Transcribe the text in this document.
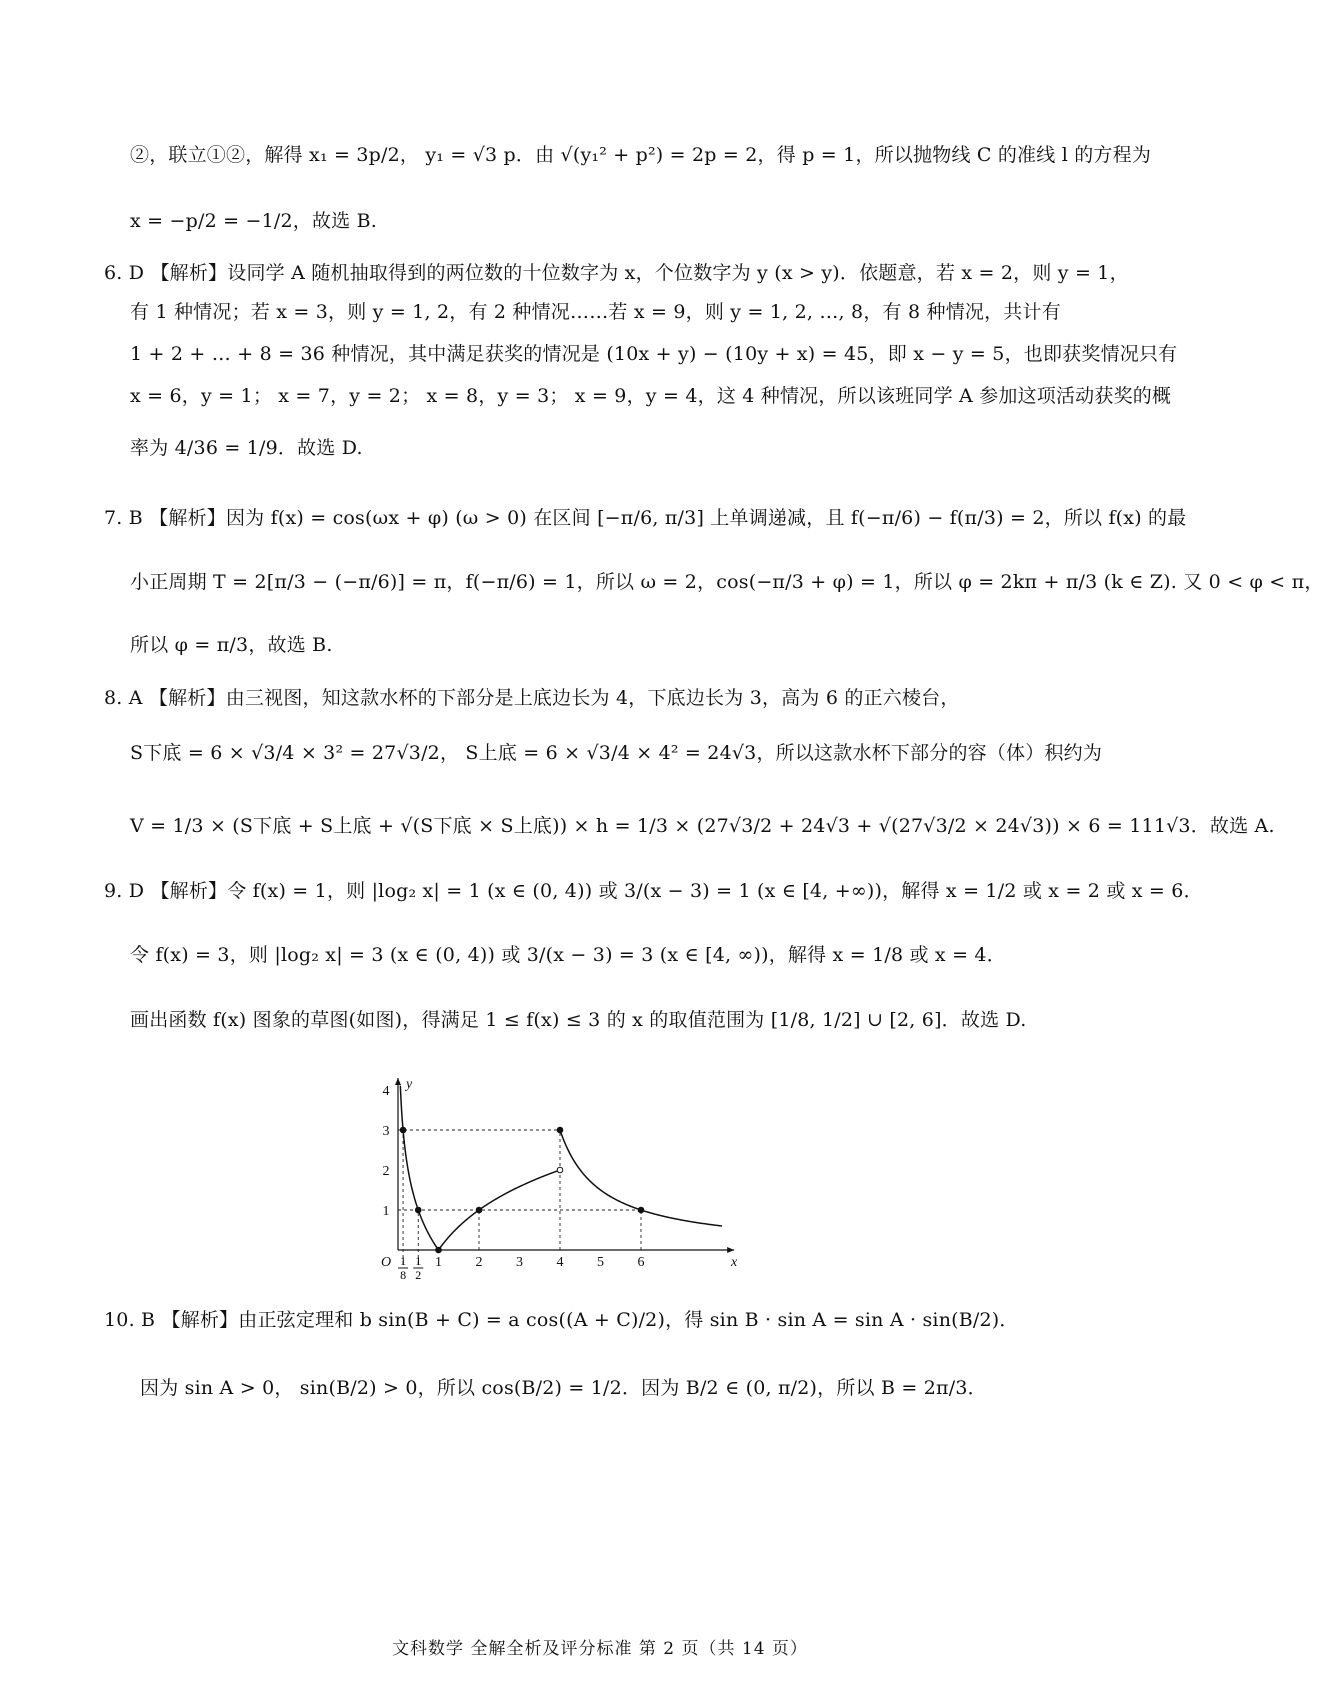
②，联立①②，解得 x₁ = 3p/2， y₁ = √3 p．由 √(y₁² + p²) = 2p = 2，得 p = 1，所以抛物线 C 的准线 l 的方程为
x = −p/2 = −1/2，故选 B.
6. D 【解析】设同学 A 随机抽取得到的两位数的十位数字为 x，个位数字为 y (x > y)．依题意，若 x = 2，则 y = 1，
有 1 种情况；若 x = 3，则 y = 1, 2，有 2 种情况……若 x = 9，则 y = 1, 2, …, 8，有 8 种情况，共计有
1 + 2 + … + 8 = 36 种情况，其中满足获奖的情况是 (10x + y) − (10y + x) = 45，即 x − y = 5，也即获奖情况只有
x = 6，y = 1； x = 7，y = 2； x = 8，y = 3； x = 9，y = 4，这 4 种情况，所以该班同学 A 参加这项活动获奖的概
率为 4/36 = 1/9．故选 D.
7. B 【解析】因为 f(x) = cos(ωx + φ) (ω > 0) 在区间 [−π/6, π/3] 上单调递减，且 f(−π/6) − f(π/3) = 2，所以 f(x) 的最
小正周期 T = 2[π/3 − (−π/6)] = π，f(−π/6) = 1，所以 ω = 2，cos(−π/3 + φ) = 1，所以 φ = 2kπ + π/3 (k ∈ Z). 又 0 < φ < π，
所以 φ = π/3，故选 B.
8. A 【解析】由三视图，知这款水杯的下部分是上底边长为 4，下底边长为 3，高为 6 的正六棱台，
S下底 = 6 × √3/4 × 3² = 27√3/2， S上底 = 6 × √3/4 × 4² = 24√3，所以这款水杯下部分的容（体）积约为
V = 1/3 × (S下底 + S上底 + √(S下底 × S上底)) × h = 1/3 × (27√3/2 + 24√3 + √(27√3/2 × 24√3)) × 6 = 111√3．故选 A.
9. D 【解析】令 f(x) = 1，则 |log₂ x| = 1 (x ∈ (0, 4)) 或 3/(x − 3) = 1 (x ∈ [4, +∞))，解得 x = 1/2 或 x = 2 或 x = 6．
令 f(x) = 3，则 |log₂ x| = 3 (x ∈ (0, 4)) 或 3/(x − 3) = 3 (x ∈ [4, ∞))，解得 x = 1/8 或 x = 4．
画出函数 f(x) 图象的草图(如图)，得满足 1 ≤ f(x) ≤ 3 的 x 的取值范围为 [1/8, 1/2] ∪ [2, 6]．故选 D.
1
8
1
2
1 2 3 4 5 6
1
2
3
4
O	x
y
10. B 【解析】由正弦定理和 b sin(B + C) = a cos((A + C)/2)，得 sin B · sin A = sin A · sin(B/2)．
因为 sin A > 0， sin(B/2) > 0，所以 cos(B/2) = 1/2．因为 B/2 ∈ (0, π/2)，所以 B = 2π/3．
文科数学 全解全析及评分标准 第 2 页（共 14 页）
